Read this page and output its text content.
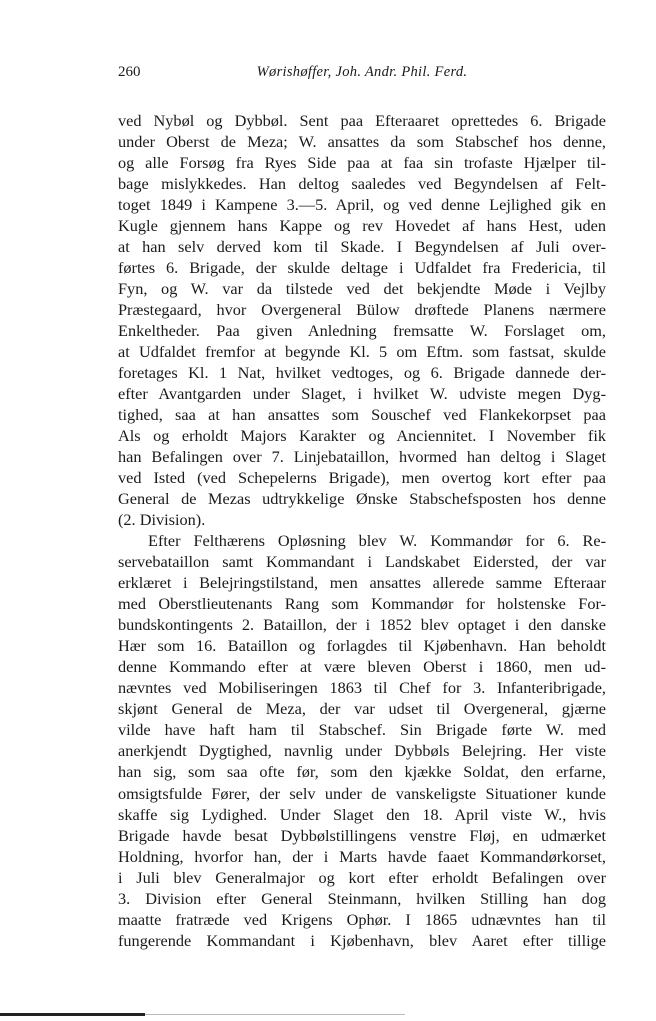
260	Wørishøffer, Joh. Andr. Phil. Ferd.
ved Nybøl og Dybbøl. Sent paa Efteraaret oprettedes 6. Brigade
under Oberst de Meza; W. ansattes da som Stabschef hos denne,
og alle Forsøg fra Ryes Side paa at faa sin trofaste Hjælper til-
bage mislykkedes. Han deltog saaledes ved Begyndelsen af Felt-
toget 1849 i Kampene 3.—5. April, og ved denne Lejlighed gik en
Kugle gjennem hans Kappe og rev Hovedet af hans Hest, uden
at han selv derved kom til Skade. I Begyndelsen af Juli over-
førtes 6. Brigade, der skulde deltage i Udfaldet fra Fredericia, til
Fyn, og W. var da tilstede ved det bekjendte Møde i Vejlby
Præstegaard, hvor Overgeneral Bülow drøftede Planens nærmere
Enkeltheder. Paa given Anledning fremsatte W. Forslaget om,
at Udfaldet fremfor at begynde Kl. 5 om Eftm. som fastsat, skulde
foretages Kl. 1 Nat, hvilket vedtoges, og 6. Brigade dannede der-
efter Avantgarden under Slaget, i hvilket W. udviste megen Dyg-
tighed, saa at han ansattes som Souschef ved Flankekorpset paa
Als og erholdt Majors Karakter og Anciennitet. I November fik
han Befalingen over 7. Linjebataillon, hvormed han deltog i Slaget
ved Isted (ved Schepelerns Brigade), men overtog kort efter paa
General de Mezas udtrykkelige Ønske Stabschefsposten hos denne
(2. Division).
Efter Felthærens Opløsning blev W. Kommandør for 6. Re-
servebataillon samt Kommandant i Landskabet Eidersted, der var
erklæret i Belejringstilstand, men ansattes allerede samme Efteraar
med Oberstlieutenants Rang som Kommandør for holstenske For-
bundskontingents 2. Bataillon, der i 1852 blev optaget i den danske
Hær som 16. Bataillon og forlagdes til Kjøbenhavn. Han beholdt
denne Kommando efter at være bleven Oberst i 1860, men ud-
nævntes ved Mobiliseringen 1863 til Chef for 3. Infanteribrigade,
skjønt General de Meza, der var udset til Overgeneral, gjærne
vilde have haft ham til Stabschef. Sin Brigade førte W. med
anerkjendt Dygtighed, navnlig under Dybbøls Belejring. Her viste
han sig, som saa ofte før, som den kjække Soldat, den erfarne,
omsigtsfulde Fører, der selv under de vanskeligste Situationer kunde
skaffe sig Lydighed. Under Slaget den 18. April viste W., hvis
Brigade havde besat Dybbølstillingens venstre Fløj, en udmærket
Holdning, hvorfor han, der i Marts havde faaet Kommandørkorset,
i Juli blev Generalmajor og kort efter erholdt Befalingen over
3. Division efter General Steinmann, hvilken Stilling han dog
maatte fratræde ved Krigens Ophør. I 1865 udnævntes han til
fungerende Kommandant i Kjøbenhavn, blev Aaret efter tillige
